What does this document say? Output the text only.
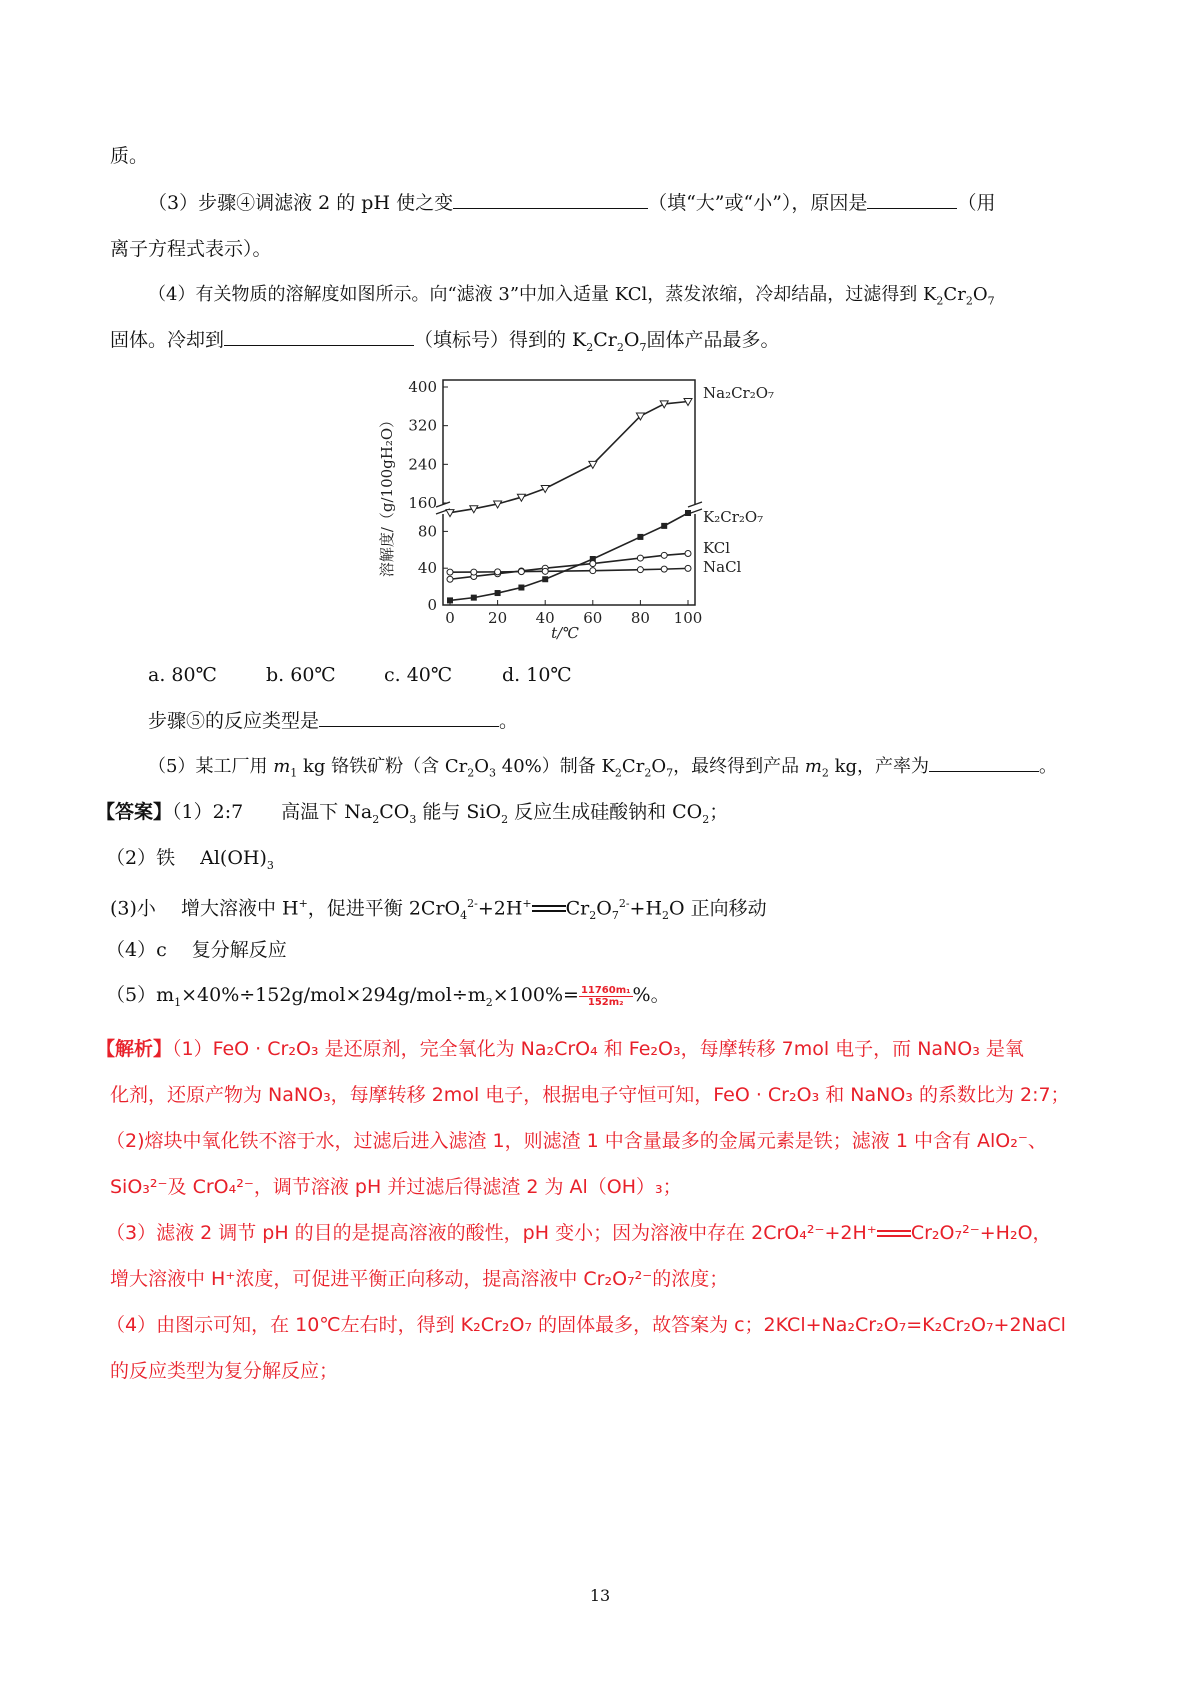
质。
（3）步骤④调滤液 2 的 pH 使之变	（填“大”或“小”），原因是	（用
离子方程式表示）。
（4）有关物质的溶解度如图所示。向“滤液 3”中加入适量 KCl，蒸发浓缩，冷却结晶，过滤得到 $K_2Cr_2O_7$
固体。冷却到	（填标号）得到的 $K_2Cr_2O_7$固体产品最多。
0
40
80
160
240
320
400
0 20 40 60 80 100
t/℃
溶解度/（g/100gH₂O）
Na₂Cr₂O₇
K₂Cr₂O₇
KCl
NaCl
a. 80℃	b. 60℃	c. 40℃	d. 10℃
步骤⑤的反应类型是	。
（5）某工厂用 $m_1$ kg 铬铁矿粉（含 $Cr_2O_3$ 40%）制备 $K_2Cr_2O_7$，最终得到产品 $m_2$ kg，产率为	。
【答案】（1）2:7　　高温下 $Na_2CO_3$ 能与 SiO$_2$ 反应生成硅酸钠和 $CO_2$；
（2）铁　 $Al(OH)_3$
(3)小　 增大溶液中 H+，促进平衡 2CrO$_4^{2-}$+2H+ $Cr_2O_7^{2-}+H_2O$ 正向移动
（4）c　 复分解反应
$(5)m_1\times 40\%\div 152g/mol\times 294g/mol\div m_2\times 100\%= \frac{\text{11760m₁}}{\text{152m₂}}$ %。
【解析】（1）FeO · Cr₂O₃ 是还原剂，完全氧化为 Na₂CrO₄ 和 Fe₂O₃，每摩转移 7mol 电子，而 NaNO₃ 是氧
化剂，还原产物为 NaNO₃，每摩转移 2mol 电子，根据电子守恒可知，FeO · Cr₂O₃ 和 NaNO₃ 的系数比为 2:7；
（2)熔块中氧化铁不溶于水，过滤后进入滤渣 1，则滤渣 1 中含量最多的金属元素是铁；滤液 1 中含有 AlO₂⁻、
SiO₃²⁻及 CrO₄²⁻，调节溶液 pH 并过滤后得滤渣 2 为 Al（OH）₃；
（3）滤液 2 调节 pH 的目的是提高溶液的酸性，pH 变小；因为溶液中存在 2CrO₄²⁻+2H⁺ Cr₂O₇²⁻+H₂O，
增大溶液中 H⁺浓度，可促进平衡正向移动，提高溶液中 Cr₂O₇²⁻的浓度；
（4）由图示可知，在 10℃左右时，得到 K₂Cr₂O₇ 的固体最多，故答案为 c；2KCl+Na₂Cr₂O₇=K₂Cr₂O₇+2NaCl
的反应类型为复分解反应；
13
